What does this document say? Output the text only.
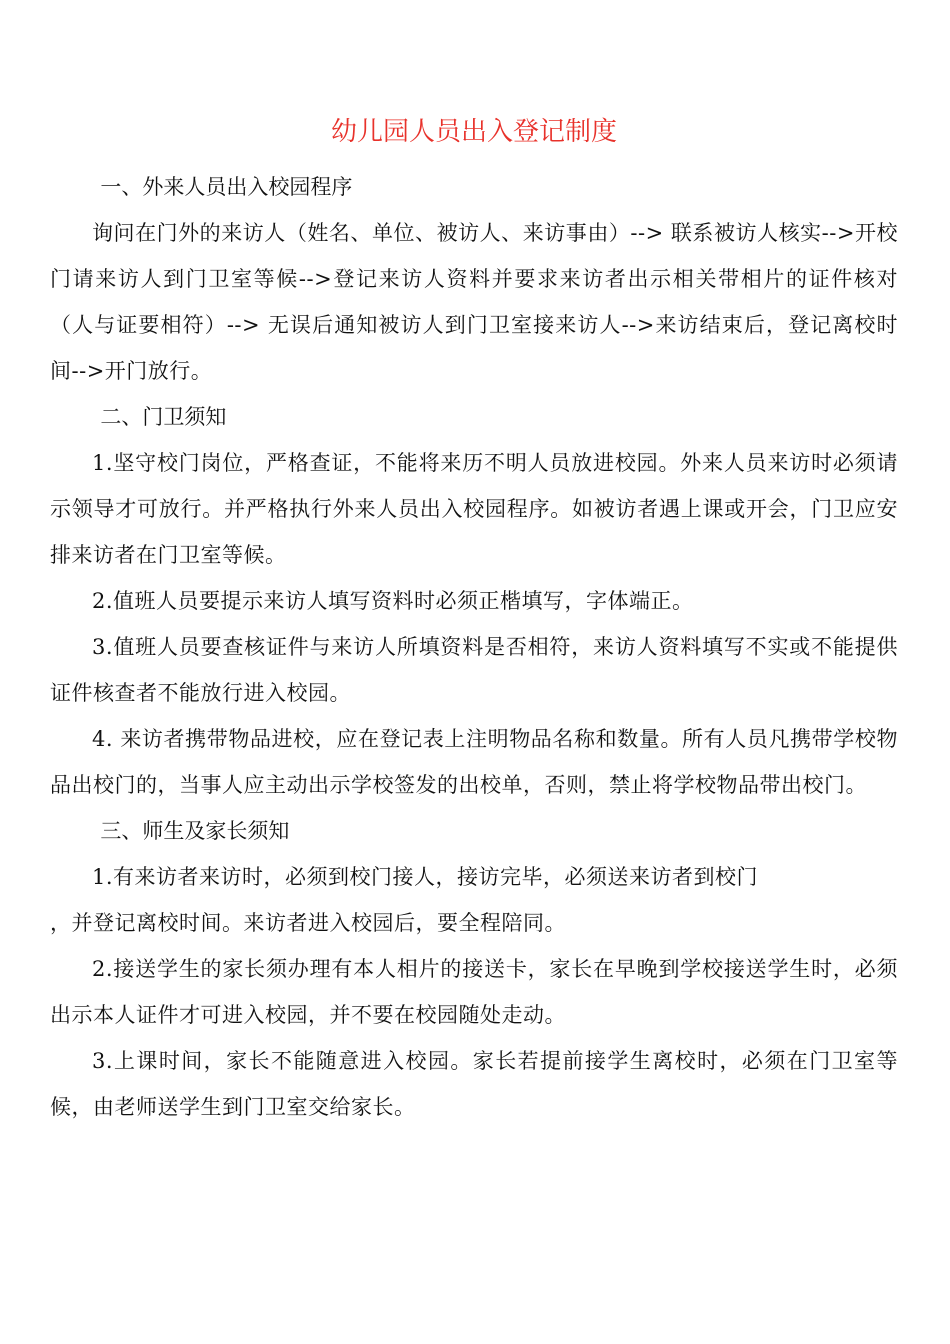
幼儿园人员出入登记制度

一、外来人员出入校园程序

询问在门外的来访人（姓名、单位、被访人、来访事由）--> 联系被访人核实-->开校门请来访人到门卫室等候-->登记来访人资料并要求来访者出示相关带相片的证件核对（人与证要相符）--> 无误后通知被访人到门卫室接来访人-->来访结束后，登记离校时间-->开门放行。

二、门卫须知

1.坚守校门岗位，严格查证，不能将来历不明人员放进校园。外来人员来访时必须请示领导才可放行。并严格执行外来人员出入校园程序。如被访者遇上课或开会，门卫应安排来访者在门卫室等候。

2.值班人员要提示来访人填写资料时必须正楷填写，字体端正。

3.值班人员要查核证件与来访人所填资料是否相符，来访人资料填写不实或不能提供证件核查者不能放行进入校园。

4. 来访者携带物品进校，应在登记表上注明物品名称和数量。所有人员凡携带学校物品出校门的，当事人应主动出示学校签发的出校单，否则，禁止将学校物品带出校门。

三、师生及家长须知

1.有来访者来访时，必须到校门接人，接访完毕，必须送来访者到校门

，并登记离校时间。来访者进入校园后，要全程陪同。

2.接送学生的家长须办理有本人相片的接送卡，家长在早晚到学校接送学生时，必须出示本人证件才可进入校园，并不要在校园随处走动。

3.上课时间，家长不能随意进入校园。家长若提前接学生离校时，必须在门卫室等候，由老师送学生到门卫室交给家长。
